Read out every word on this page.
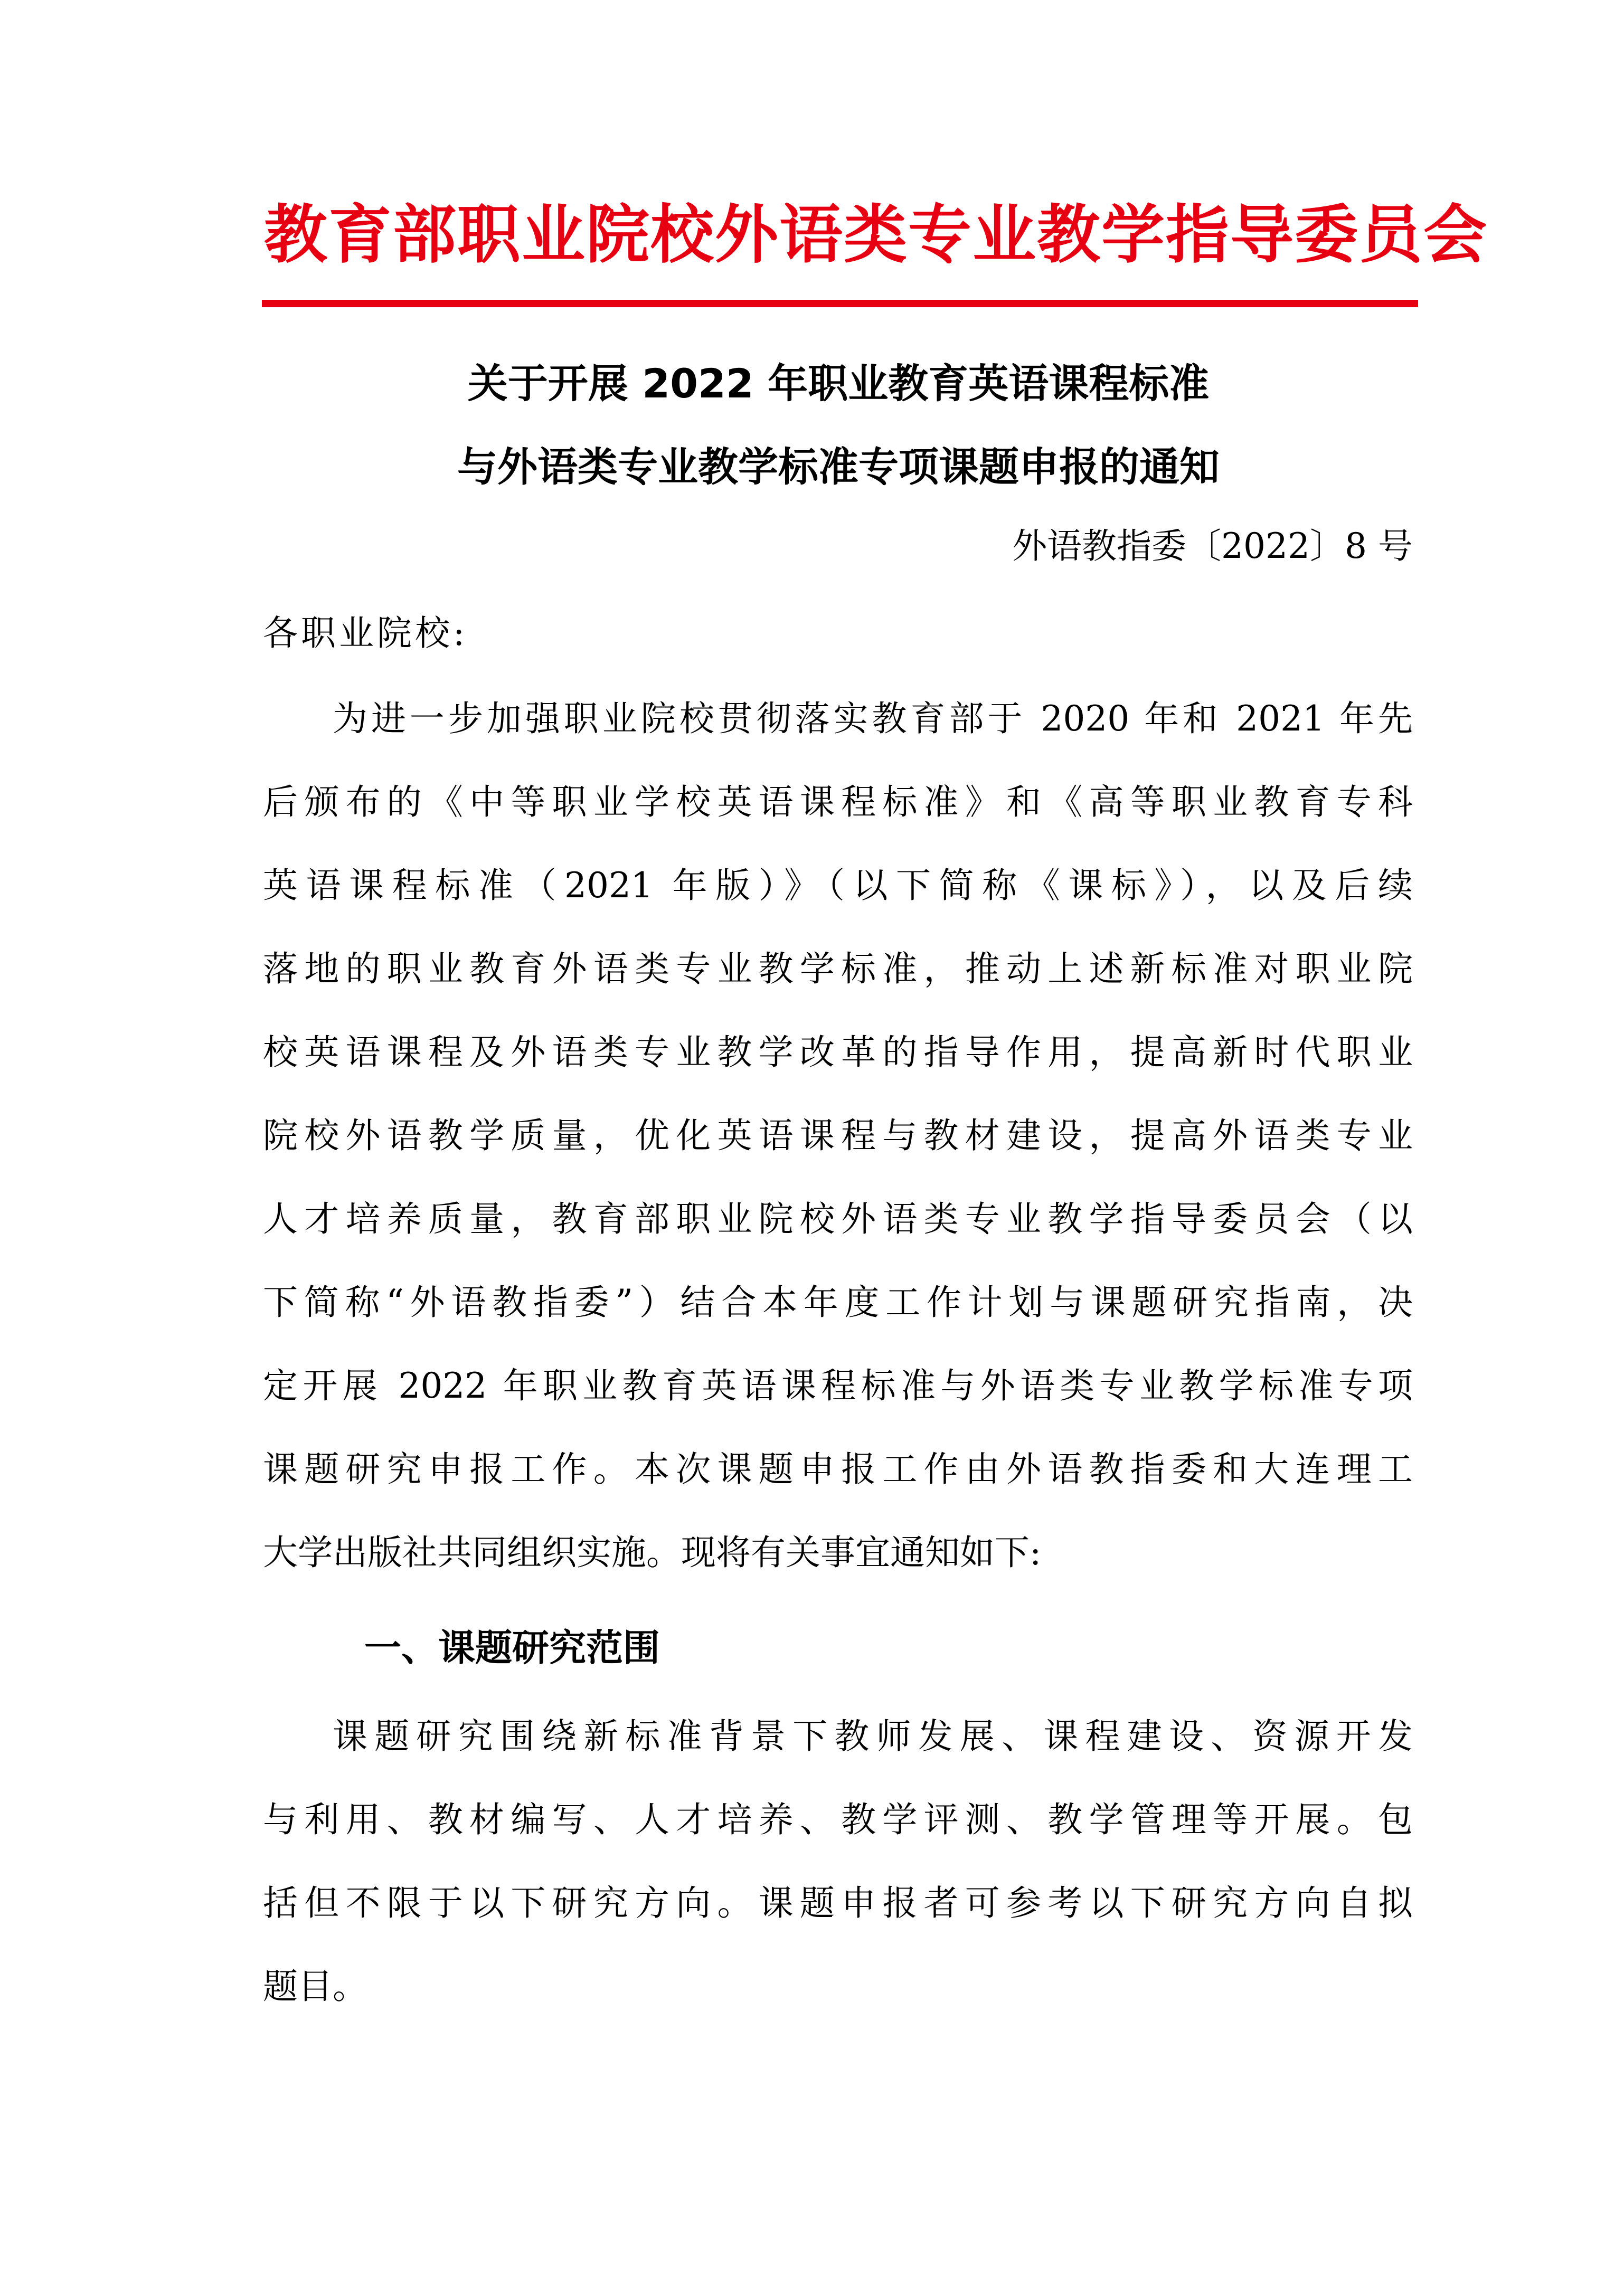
教育部职业院校外语类专业教学指导委员会
关于开展 2022 年职业教育英语课程标准
与外语类专业教学标准专项课题申报的通知
外语教指委〔2022〕8 号
各职业院校:
为进一步加强职业院校贯彻落实教育部于 2020 年和 2021 年先
后颁布的《中等职业学校英语课程标准》和《高等职业教育专科
英语课程标准（2021 年版）》（以下简称《课标》），以及后续
落地的职业教育外语类专业教学标准，推动上述新标准对职业院
校英语课程及外语类专业教学改革的指导作用，提高新时代职业
院校外语教学质量，优化英语课程与教材建设，提高外语类专业
人才培养质量，教育部职业院校外语类专业教学指导委员会（以
下简称“外语教指委”）结合本年度工作计划与课题研究指南，决
定开展 2022 年职业教育英语课程标准与外语类专业教学标准专项
课题研究申报工作。本次课题申报工作由外语教指委和大连理工
大学出版社共同组织实施。现将有关事宜通知如下:
一、课题研究范围
课题研究围绕新标准背景下教师发展、课程建设、资源开发
与利用、教材编写、人才培养、教学评测、教学管理等开展。包
括但不限于以下研究方向。课题申报者可参考以下研究方向自拟
题目。
